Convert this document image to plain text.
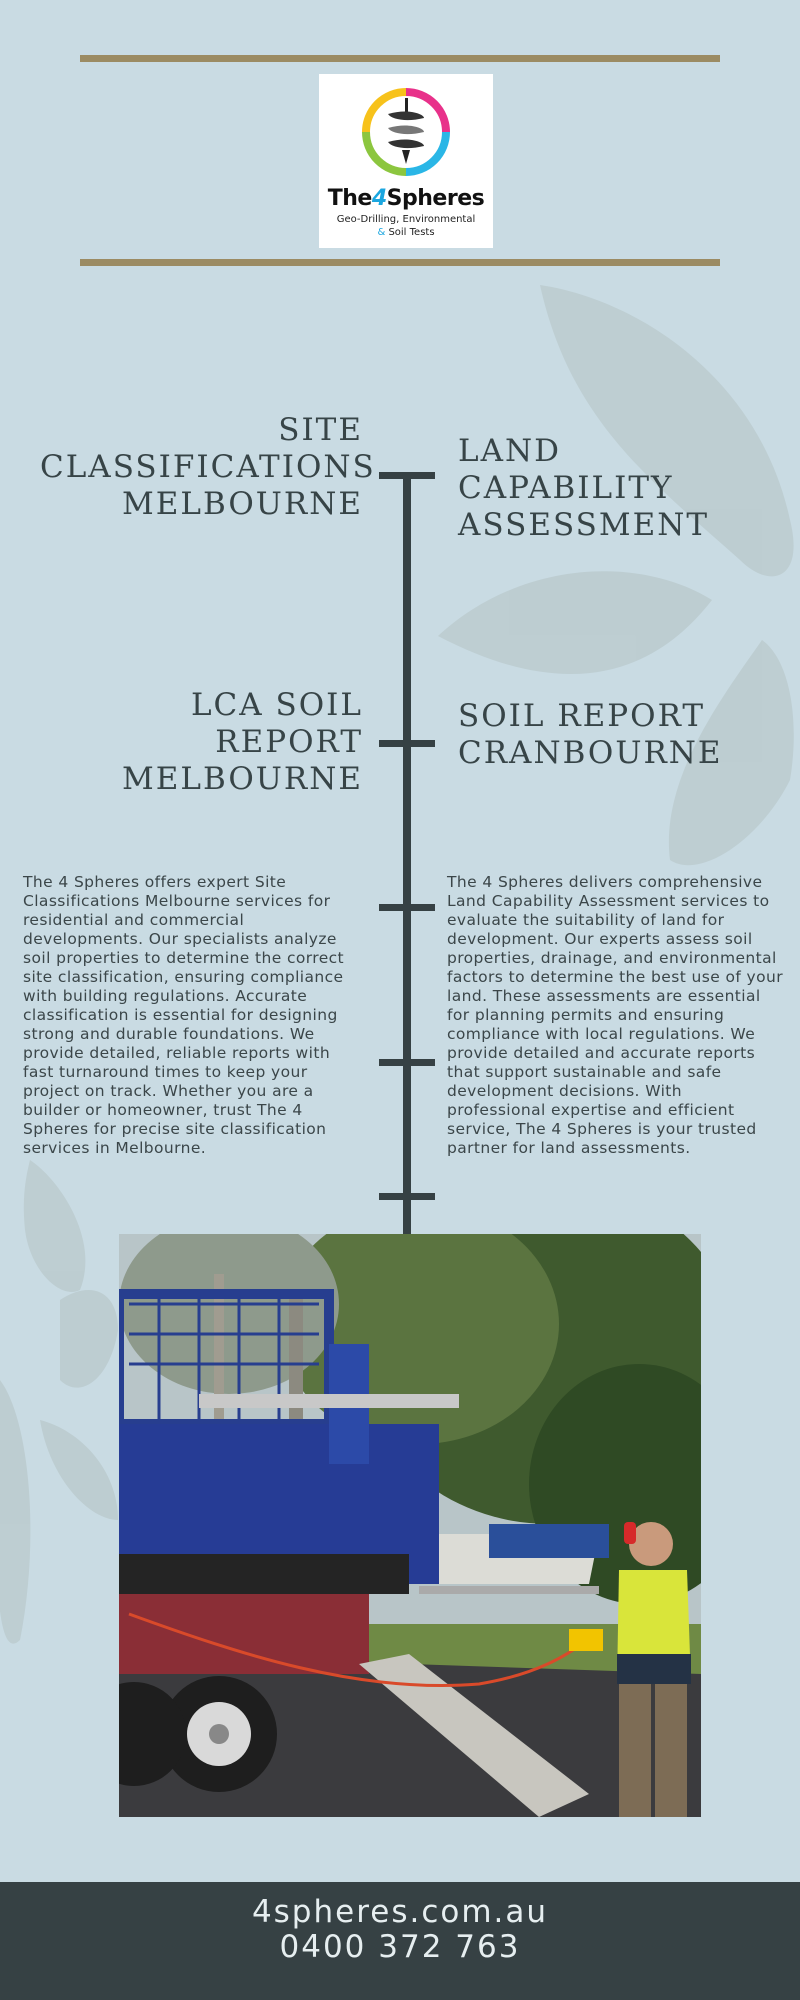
The4Spheres
Geo-Drilling, Environmental
& Soil Tests
SITE
CLASSIFICATIONS
MELBOURNE
LAND CAPABILITY
ASSESSMENT
LCA SOIL
REPORT
MELBOURNE
SOIL REPORT
CRANBOURNE
The 4 Spheres offers expert Site
Classifications Melbourne services for
residential and commercial
developments. Our specialists analyze
soil properties to determine the correct
site classification, ensuring compliance
with building regulations. Accurate
classification is essential for designing
strong and durable foundations. We
provide detailed, reliable reports with
fast turnaround times to keep your
project on track. Whether you are a
builder or homeowner, trust The 4
Spheres for precise site classification
services in Melbourne.
The 4 Spheres delivers comprehensive
Land Capability Assessment services to
evaluate the suitability of land for
development. Our experts assess soil
properties, drainage, and environmental
factors to determine the best use of your
land. These assessments are essential
for planning permits and ensuring
compliance with local regulations. We
provide detailed and accurate reports
that support sustainable and safe
development decisions. With
professional expertise and efficient
service, The 4 Spheres is your trusted
partner for land assessments.
4spheres.com.au
0400 372 763
